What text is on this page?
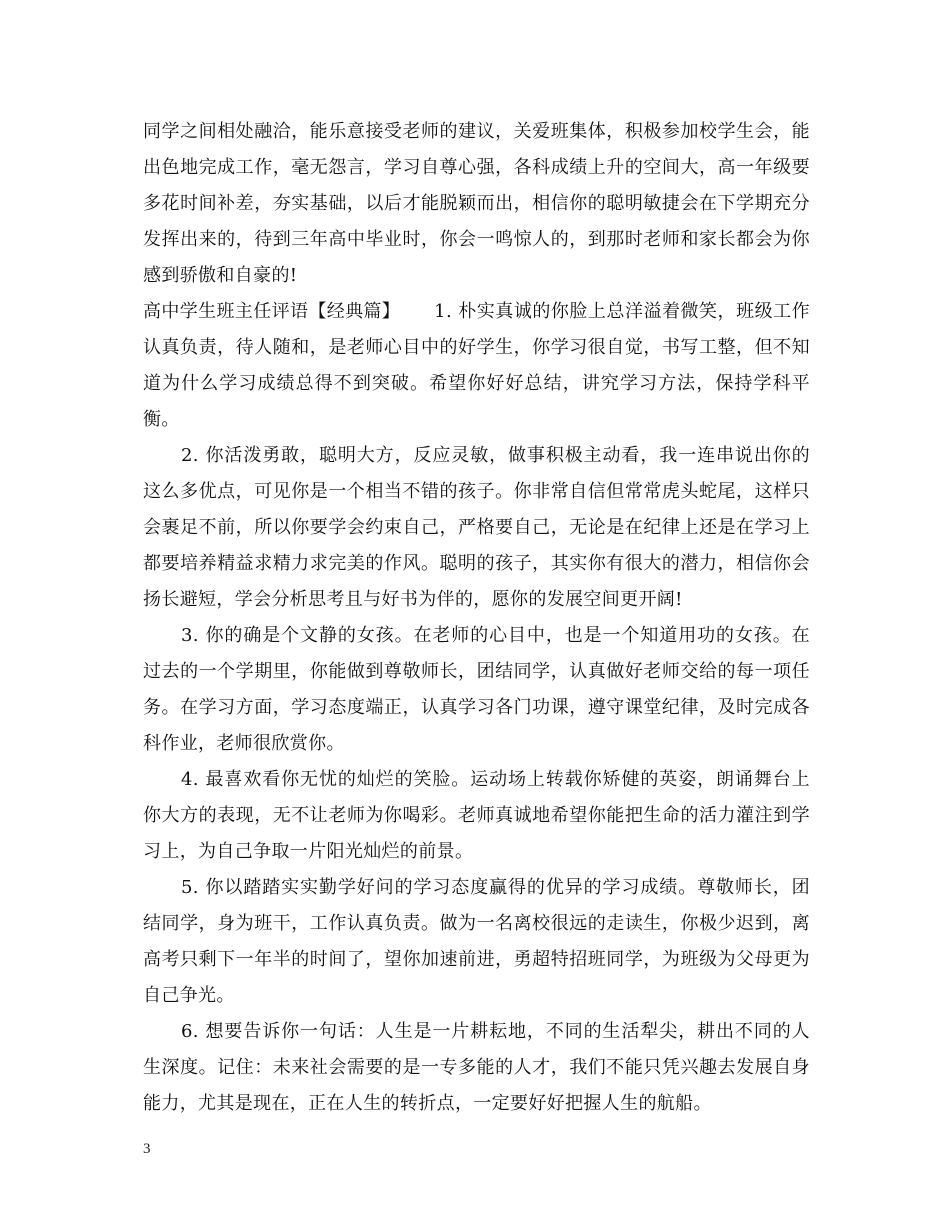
同学之间相处融洽，能乐意接受老师的建议，关爱班集体，积极参加校学生会，能出色地完成工作，毫无怨言，学习自尊心强，各科成绩上升的空间大，高一年级要多花时间补差，夯实基础，以后才能脱颖而出，相信你的聪明敏捷会在下学期充分发挥出来的，待到三年高中毕业时，你会一鸣惊人的，到那时老师和家长都会为你感到骄傲和自豪的!

高中学生班主任评语【经典篇】 1. 朴实真诚的你脸上总洋溢着微笑，班级工作认真负责，待人随和，是老师心目中的好学生，你学习很自觉，书写工整，但不知道为什么学习成绩总得不到突破。希望你好好总结，讲究学习方法，保持学科平衡。

2. 你活泼勇敢，聪明大方，反应灵敏，做事积极主动看，我一连串说出你的这么多优点，可见你是一个相当不错的孩子。你非常自信但常常虎头蛇尾，这样只会裹足不前，所以你要学会约束自己，严格要自己，无论是在纪律上还是在学习上都要培养精益求精力求完美的作风。聪明的孩子，其实你有很大的潜力，相信你会扬长避短，学会分析思考且与好书为伴的，愿你的发展空间更开阔!

3. 你的确是个文静的女孩。在老师的心目中，也是一个知道用功的女孩。在过去的一个学期里，你能做到尊敬师长，团结同学，认真做好老师交给的每一项任务。在学习方面，学习态度端正，认真学习各门功课，遵守课堂纪律，及时完成各科作业，老师很欣赏你。

4. 最喜欢看你无忧的灿烂的笑脸。运动场上转载你矫健的英姿，朗诵舞台上你大方的表现，无不让老师为你喝彩。老师真诚地希望你能把生命的活力灌注到学习上，为自己争取一片阳光灿烂的前景。

5. 你以踏踏实实勤学好问的学习态度赢得的优异的学习成绩。尊敬师长，团结同学，身为班干，工作认真负责。做为一名离校很远的走读生，你极少迟到，离高考只剩下一年半的时间了，望你加速前进，勇超特招班同学，为班级为父母更为自己争光。

6. 想要告诉你一句话：人生是一片耕耘地，不同的生活犁尖，耕出不同的人生深度。记住：未来社会需要的是一专多能的人才，我们不能只凭兴趣去发展自身能力，尤其是现在，正在人生的转折点，一定要好好把握人生的航船。

3
